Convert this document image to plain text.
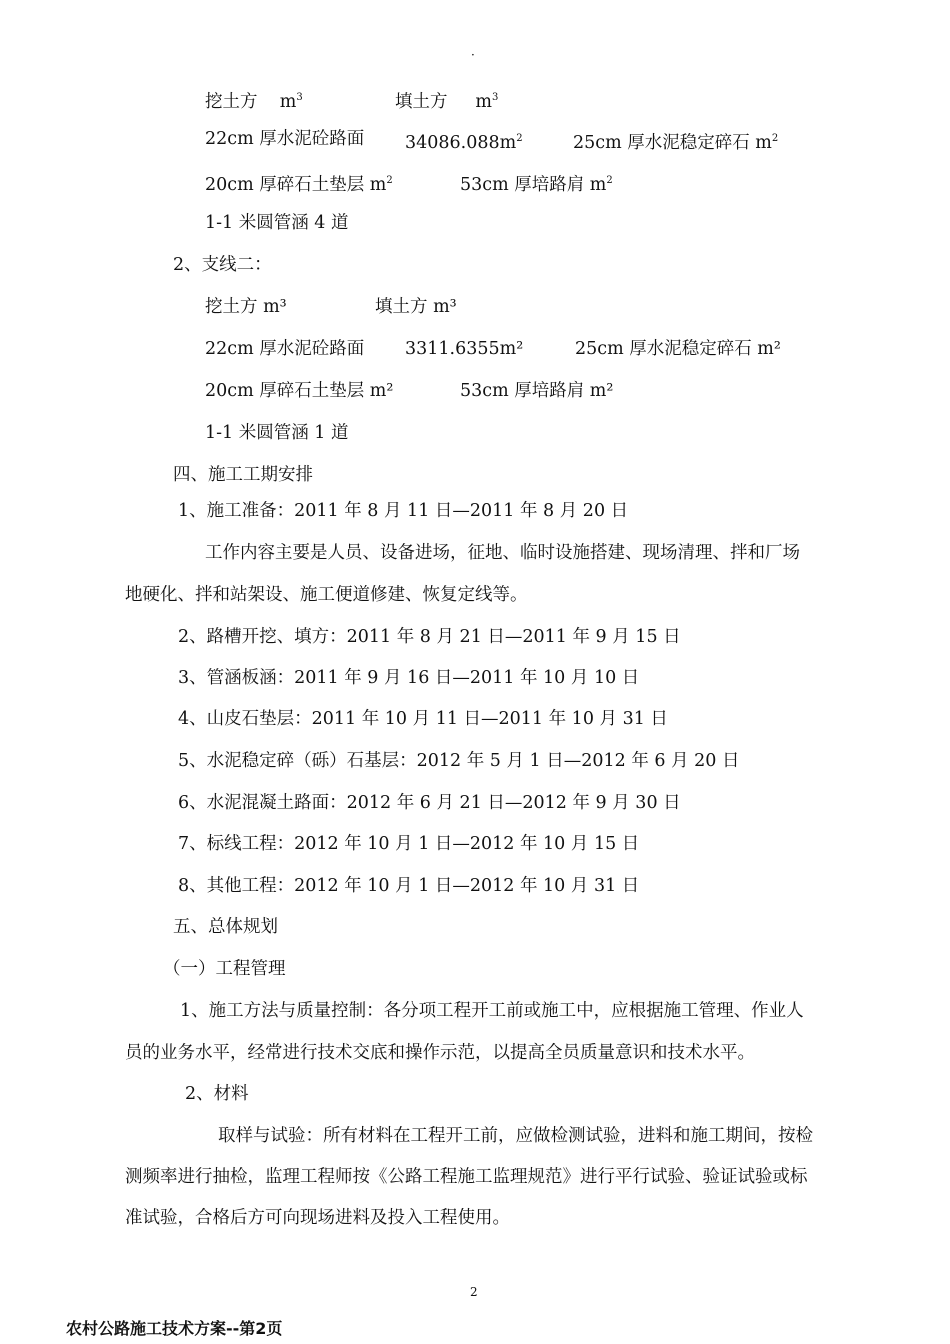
·
挖土方 $m^3$	填土方 $m^3$
22cm 厚水泥砼路面 $34086.088m^2$	25cm 厚水泥稳定碎石 $m^2$
20cm 厚碎石土垫层 $m^2$	53cm 厚培路肩 $m^2$
1-1 米圆管涵 4 道
2、支线二：
挖土方 m³	填土方 m³
22cm 厚水泥砼路面 3311.6355m²	25cm 厚水泥稳定碎石 m²
20cm 厚碎石土垫层 m²	53cm 厚培路肩 m²
1-1 米圆管涵 1 道
四、施工工期安排
1、施工准备：2011 年 8 月 11 日—2011 年 8 月 20 日
工作内容主要是人员、设备进场，征地、临时设施搭建、现场清理、拌和厂场
地硬化、拌和站架设、施工便道修建、恢复定线等。
2、路槽开挖、填方：2011 年 8 月 21 日—2011 年 9 月 15 日
3、管涵板涵：2011 年 9 月 16 日—2011 年 10 月 10 日
4、山皮石垫层：2011 年 10 月 11 日—2011 年 10 月 31 日
5、水泥稳定碎（砾）石基层：2012 年 5 月 1 日—2012 年 6 月 20 日
6、水泥混凝土路面：2012 年 6 月 21 日—2012 年 9 月 30 日
7、标线工程：2012 年 10 月 1 日—2012 年 10 月 15 日
8、其他工程：2012 年 10 月 1 日—2012 年 10 月 31 日
五、总体规划
（一）工程管理
1、施工方法与质量控制：各分项工程开工前或施工中，应根据施工管理、作业人
员的业务水平，经常进行技术交底和操作示范，以提高全员质量意识和技术水平。
2、材料
取样与试验：所有材料在工程开工前，应做检测试验，进料和施工期间，按检
测频率进行抽检，监理工程师按《公路工程施工监理规范》进行平行试验、验证试验或标
准试验，合格后方可向现场进料及投入工程使用。
2
农村公路施工技术方案--第2页
